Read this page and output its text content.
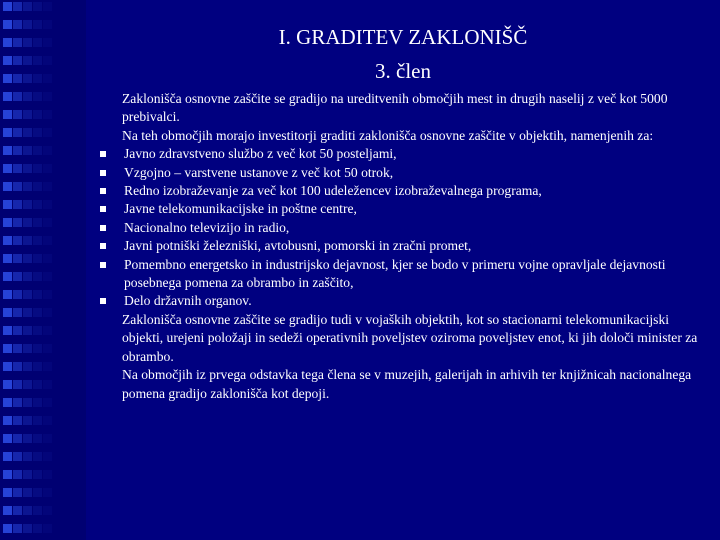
I. GRADITEV ZAKLONIŠČ
3. člen
Zaklonišča osnovne zaščite se gradijo na ureditvenih območjih mest in drugih naselij z več kot 5000 prebivalci.
Na teh območjih morajo investitorji graditi zaklonišča osnovne zaščite v objektih, namenjenih za:
Javno zdravstveno službo z več kot 50 posteljami,
Vzgojno – varstvene ustanove z več kot 50 otrok,
Redno izobraževanje za več kot 100 udeležencev izobraževalnega programa,
Javne telekomunikacijske in poštne centre,
Nacionalno televizijo in radio,
Javni potniški železniški, avtobusni, pomorski in zračni promet,
Pomembno energetsko in industrijsko dejavnost, kjer se bodo v primeru vojne opravljale dejavnosti posebnega pomena za obrambo in zaščito,
Delo državnih organov.
Zaklonišča osnovne zaščite se gradijo tudi v vojaških objektih, kot so stacionarni telekomunikacijski objekti, urejeni položaji in sedeži operativnih poveljstev oziroma poveljstev enot, ki jih določi minister za obrambo.
Na območjih iz prvega odstavka tega člena se v muzejih, galerijah in arhivih ter knjižnicah nacionalnega pomena gradijo zaklonišča kot depoji.
